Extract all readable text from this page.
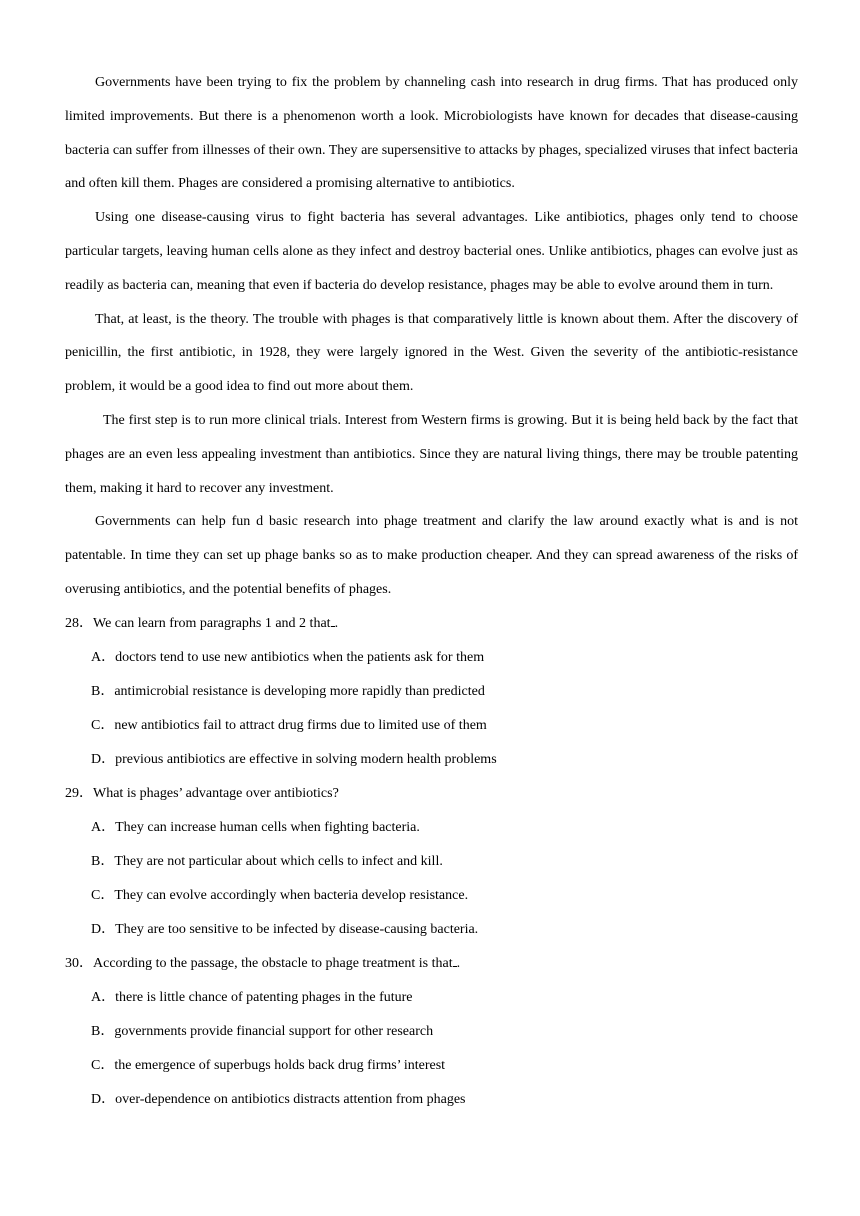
Governments have been trying to fix the problem by channeling cash into research in drug firms. That has produced only limited improvements. But there is a phenomenon worth a look. Microbiologists have known for decades that disease-causing bacteria can suffer from illnesses of their own. They are supersensitive to attacks by phages, specialized viruses that infect bacteria and often kill them. Phages are considered a promising alternative to antibiotics.

Using one disease-causing virus to fight bacteria has several advantages. Like antibiotics, phages only tend to choose particular targets, leaving human cells alone as they infect and destroy bacterial ones. Unlike antibiotics, phages can evolve just as readily as bacteria can, meaning that even if bacteria do develop resistance, phages may be able to evolve around them in turn.

That, at least, is the theory. The trouble with phages is that comparatively little is known about them. After the discovery of penicillin, the first antibiotic, in 1928, they were largely ignored in the West. Given the severity of the antibiotic-resistance problem, it would be a good idea to find out more about them.

The first step is to run more clinical trials. Interest from Western firms is growing. But it is being held back by the fact that phages are an even less appealing investment than antibiotics. Since they are natural living things, there may be trouble patenting them, making it hard to recover any investment.

Governments can help fun d basic research into phage treatment and clarify the law around exactly what is and is not patentable. In time they can set up phage banks so as to make production cheaper. And they can spread awareness of the risks of overusing antibiotics, and the potential benefits of phages.

28．We can learn from paragraphs 1 and 2 that .

A．doctors tend to use new antibiotics when the patients ask for them

B．antimicrobial resistance is developing more rapidly than predicted

C．new antibiotics fail to attract drug firms due to limited use of them

D．previous antibiotics are effective in solving modern health problems

29．What is phages’ advantage over antibiotics?

A．They can increase human cells when fighting bacteria.

B．They are not particular about which cells to infect and kill.

C．They can evolve accordingly when bacteria develop resistance.

D．They are too sensitive to be infected by disease-causing bacteria.

30．According to the passage, the obstacle to phage treatment is that .

A．there is little chance of patenting phages in the future

B．governments provide financial support for other research

C．the emergence of superbugs holds back drug firms’ interest

D．over-dependence on antibiotics distracts attention from phages
